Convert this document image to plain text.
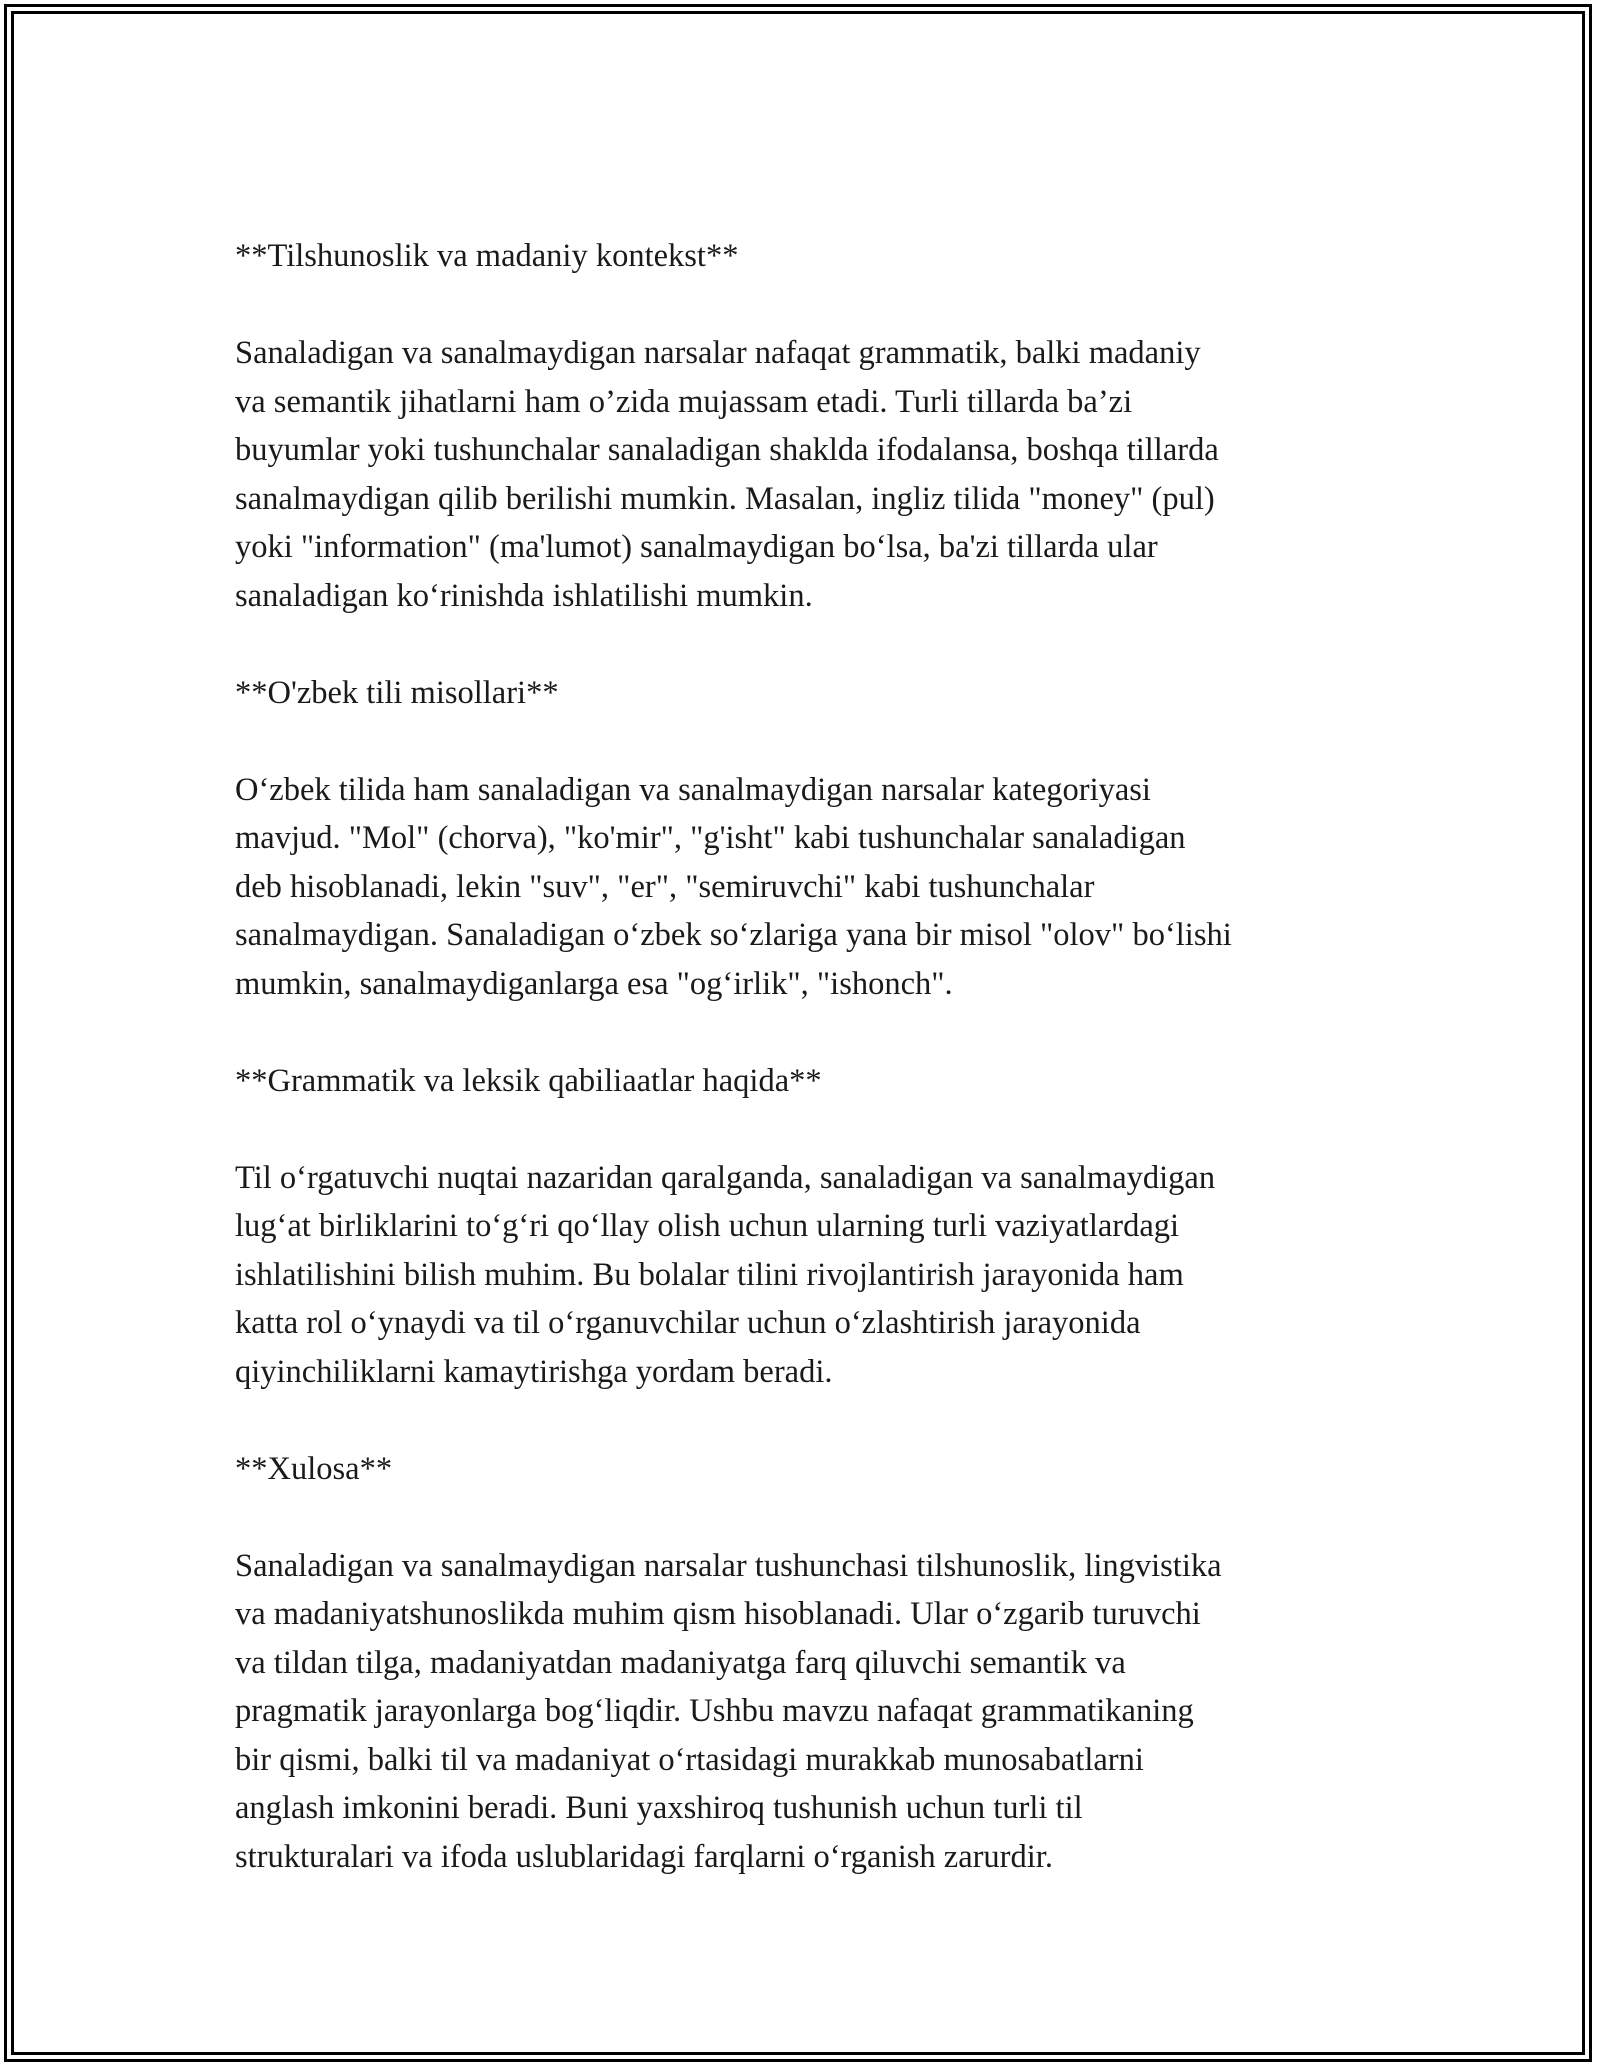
**Tilshunoslik va madaniy kontekst**

Sanaladigan va sanalmaydigan narsalar nafaqat grammatik, balki madaniy
va semantik jihatlarni ham o’zida mujassam etadi. Turli tillarda ba’zi
buyumlar yoki tushunchalar sanaladigan shaklda ifodalansa, boshqa tillarda
sanalmaydigan qilib berilishi mumkin. Masalan, ingliz tilida "money" (pul)
yoki "information" (ma'lumot) sanalmaydigan bo‘lsa, ba'zi tillarda ular
sanaladigan ko‘rinishda ishlatilishi mumkin.

**O'zbek tili misollari**

O‘zbek tilida ham sanaladigan va sanalmaydigan narsalar kategoriyasi
mavjud. "Mol" (chorva), "ko'mir", "g'isht" kabi tushunchalar sanaladigan
deb hisoblanadi, lekin "suv", "er", "semiruvchi" kabi tushunchalar
sanalmaydigan. Sanaladigan o‘zbek so‘zlariga yana bir misol "olov" bo‘lishi
mumkin, sanalmaydiganlarga esa "og‘irlik", "ishonch".

**Grammatik va leksik qabiliaatlar haqida**

Til o‘rgatuvchi nuqtai nazaridan qaralganda, sanaladigan va sanalmaydigan
lug‘at birliklarini to‘g‘ri qo‘llay olish uchun ularning turli vaziyatlardagi
ishlatilishini bilish muhim. Bu bolalar tilini rivojlantirish jarayonida ham
katta rol o‘ynaydi va til o‘rganuvchilar uchun o‘zlashtirish jarayonida
qiyinchiliklarni kamaytirishga yordam beradi.

**Xulosa**

Sanaladigan va sanalmaydigan narsalar tushunchasi tilshunoslik, lingvistika
va madaniyatshunoslikda muhim qism hisoblanadi. Ular o‘zgarib turuvchi
va tildan tilga, madaniyatdan madaniyatga farq qiluvchi semantik va
pragmatik jarayonlarga bog‘liqdir. Ushbu mavzu nafaqat grammatikaning
bir qismi, balki til va madaniyat o‘rtasidagi murakkab munosabatlarni
anglash imkonini beradi. Buni yaxshiroq tushunish uchun turli til
strukturalari va ifoda uslublaridagi farqlarni o‘rganish zarurdir.
